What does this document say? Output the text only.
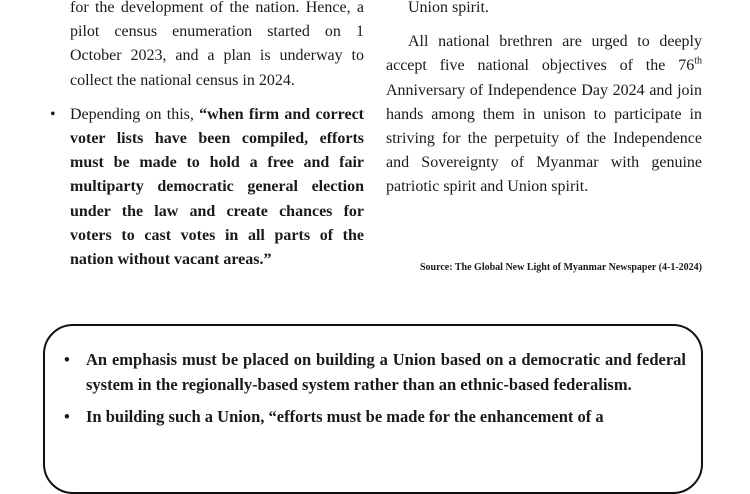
for the development of the nation. Hence, a pilot census enumeration started on 1 October 2023, and a plan is underway to collect the national census in 2024.

• Depending on this, “when firm and correct voter lists have been compiled, efforts must be made to hold a free and fair multiparty democratic general election under the law and create chances for voters to cast votes in all parts of the nation without vacant areas.”

Union spirit.

All national brethren are urged to deeply accept five national objectives of the 76th Anniversary of Independence Day 2024 and join hands among them in unison to participate in striving for the perpetuity of the Independence and Sovereignty of Myanmar with genuine patriotic spirit and Union spirit.

Source: The Global New Light of Myanmar Newspaper (4-1-2024)
• An emphasis must be placed on building a Union based on a democratic and federal system in the regionally-based system rather than an ethnic-based federalism.

• In building such a Union, “efforts must be made for the enhancement of a
